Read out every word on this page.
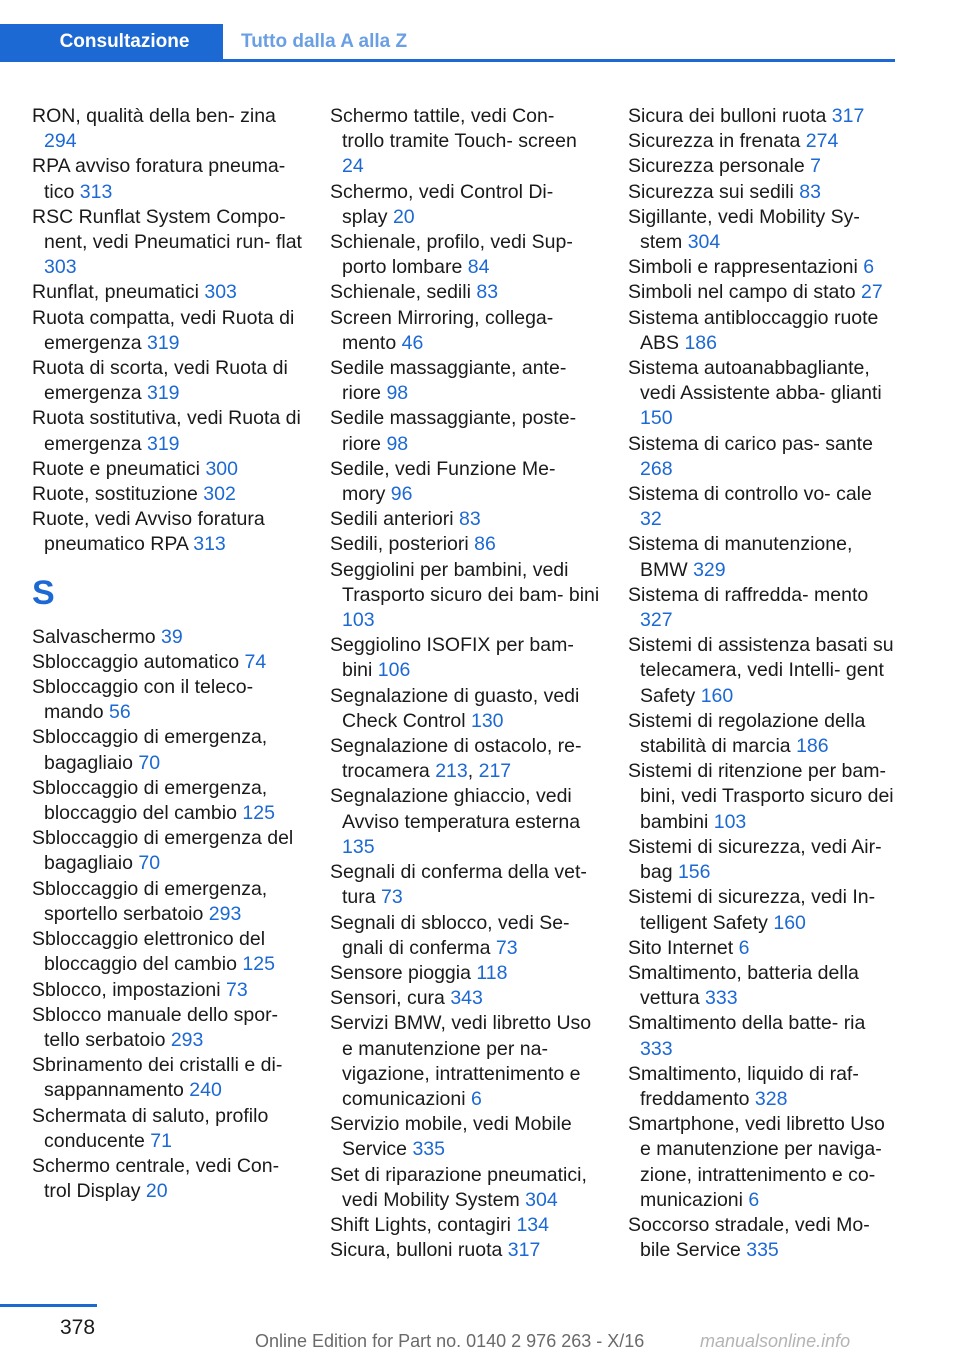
Consultazione	Tutto dalla A alla Z
RON, qualità della ben- zina 294
RPA avviso foratura pneuma- tico 313
RSC Runflat System Compo- nent, vedi Pneumatici run- flat 303
Runflat, pneumatici 303
Ruota compatta, vedi Ruota di emergenza 319
Ruota di scorta, vedi Ruota di emergenza 319
Ruota sostitutiva, vedi Ruota di emergenza 319
Ruote e pneumatici 300
Ruote, sostituzione 302
Ruote, vedi Avviso foratura pneumatico RPA 313
S
Salvaschermo 39
Sbloccaggio automatico 74
Sbloccaggio con il teleco- mando 56
Sbloccaggio di emergenza, bagagliaio 70
Sbloccaggio di emergenza, bloccaggio del cambio 125
Sbloccaggio di emergenza del bagagliaio 70
Sbloccaggio di emergenza, sportello serbatoio 293
Sbloccaggio elettronico del bloccaggio del cambio 125
Sblocco, impostazioni 73
Sblocco manuale dello spor- tello serbatoio 293
Sbrinamento dei cristalli e di- sappannamento 240
Schermata di saluto, profilo conducente 71
Schermo centrale, vedi Con- trol Display 20
Schermo tattile, vedi Con- trollo tramite Touch- screen 24
Schermo, vedi Control Di- splay 20
Schienale, profilo, vedi Sup- porto lombare 84
Schienale, sedili 83
Screen Mirroring, collega- mento 46
Sedile massaggiante, ante- riore 98
Sedile massaggiante, poste- riore 98
Sedile, vedi Funzione Me- mory 96
Sedili anteriori 83
Sedili, posteriori 86
Seggiolini per bambini, vedi Trasporto sicuro dei bam- bini 103
Seggiolino ISOFIX per bam- bini 106
Segnalazione di guasto, vedi Check Control 130
Segnalazione di ostacolo, re- trocamera 213, 217
Segnalazione ghiaccio, vedi Avviso temperatura esterna 135
Segnali di conferma della vet- tura 73
Segnali di sblocco, vedi Se- gnali di conferma 73
Sensore pioggia 118
Sensori, cura 343
Servizi BMW, vedi libretto Uso e manutenzione per na- vigazione, intrattenimento e comunicazioni 6
Servizio mobile, vedi Mobile Service 335
Set di riparazione pneumatici, vedi Mobility System 304
Shift Lights, contagiri 134
Sicura, bulloni ruota 317
Sicura dei bulloni ruota 317
Sicurezza in frenata 274
Sicurezza personale 7
Sicurezza sui sedili 83
Sigillante, vedi Mobility Sy- stem 304
Simboli e rappresentazioni 6
Simboli nel campo di stato 27
Sistema antibloccaggio ruote ABS 186
Sistema autoanabbagliante, vedi Assistente abba- glianti 150
Sistema di carico pas- sante 268
Sistema di controllo vo- cale 32
Sistema di manutenzione, BMW 329
Sistema di raffredda- mento 327
Sistemi di assistenza basati su telecamera, vedi Intelli- gent Safety 160
Sistemi di regolazione della stabilità di marcia 186
Sistemi di ritenzione per bam- bini, vedi Trasporto sicuro dei bambini 103
Sistemi di sicurezza, vedi Air- bag 156
Sistemi di sicurezza, vedi In- telligent Safety 160
Sito Internet 6
Smaltimento, batteria della vettura 333
Smaltimento della batte- ria 333
Smaltimento, liquido di raf- freddamento 328
Smartphone, vedi libretto Uso e manutenzione per naviga- zione, intrattenimento e co- municazioni 6
Soccorso stradale, vedi Mo- bile Service 335
378
Online Edition for Part no. 0140 2 976 263 - X/16	manualsonline.info
